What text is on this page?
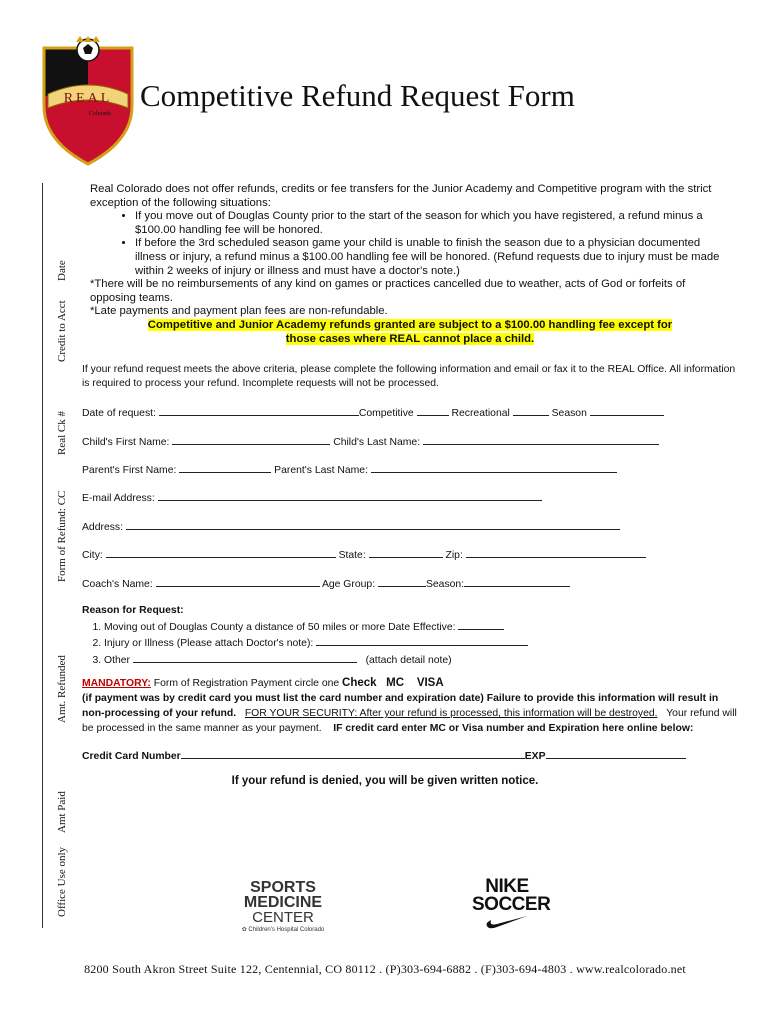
REAL
Colorado
Competitive Refund Request Form
Office Use only
Amt Paid
Amt. Refunded
Form of Refund: CC
Real Ck #
Credit to Acct
Date
Real Colorado does not offer refunds, credits or fee transfers for the Junior Academy and Competitive program with the strict exception of the following situations:
• If you move out of Douglas County prior to the start of the season for which you have registered, a refund minus a $100.00 handling fee will be honored.
• If before the 3rd scheduled season game your child is unable to finish the season due to a physician documented illness or injury, a refund minus a $100.00 handling fee will be honored. (Refund requests due to injury must be made within 2 weeks of injury or illness and must have a doctor's note.)
*There will be no reimbursements of any kind on games or practices cancelled due to weather, acts of God or forfeits of opposing teams.
*Late payments and payment plan fees are non-refundable.
Competitive and Junior Academy refunds granted are subject to a $100.00 handling fee except for
those cases where REAL cannot place a child.
If your refund request meets the above criteria, please complete the following information and email or fax it to the REAL Office. All information is required to process your refund. Incomplete requests will not be processed.
Date of request:	Competitive	Recreational	Season
Child's First Name:	Child's Last Name:
Parent's First Name:	Parent's Last Name:
E-mail Address:
Address:
City:	State:	Zip:
Coach's Name:	Age Group:	Season:
Reason for Request:
1. Moving out of Douglas County a distance of 50 miles or more Date Effective:
2. Injury or Illness (Please attach Doctor's note):
3. Other	(attach detail note)
MANDATORY: Form of Registration Payment circle one Check   MC    VISA
(if payment was by credit card you must list the card number and expiration date) Failure to provide this information will result in non-processing of your refund. FOR YOUR SECURITY: After your refund is processed, this information will be destroyed. Your refund will be processed in the same manner as your payment. IF credit card enter MC or Visa number and Expiration here online below:
Credit Card Number	EXP
If your refund is denied, you will be given written notice.
SPORTS
MEDICINE
CENTER
✿ Children's Hospital Colorado
NIKE
SOCCER
8200 South Akron Street Suite 122, Centennial, CO 80112 . (P)303-694-6882 . (F)303-694-4803 . www.realcolorado.net
